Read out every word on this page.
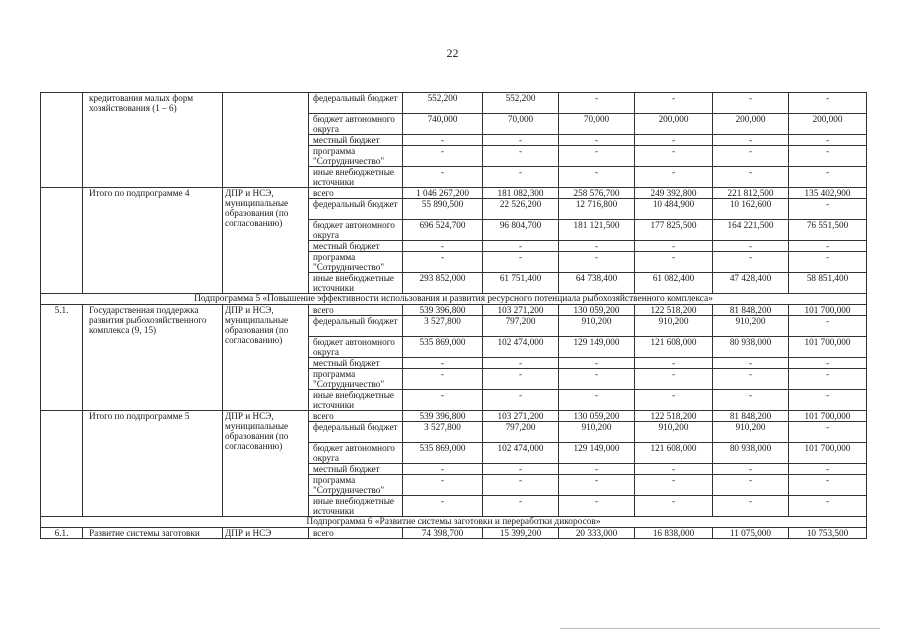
22
	кредитования малых форм хозяйствования (1 – 6)		федеральный бюджет	552,200	552,200	-	-	-	-
			бюджет автономного округа	740,000	70,000	70,000	200,000	200,000	200,000
			местный бюджет	-	-	-	-	-	-
			программа "Сотрудничество"	-	-	-	-	-	-
			иные внебюджетные источники	-	-	-	-	-	-
	Итого по подпрограмме 4	ДПР и НСЭ, муниципальные образования (по согласованию)	всего	1 046 267,200	181 082,300	258 576,700	249 392,800	221 812,500	135 402,900
			федеральный бюджет	55 890,500	22 526,200	12 716,800	10 484,900	10 162,600	-
			бюджет автономного округа	696 524,700	96 804,700	181 121,500	177 825,500	164 221,500	76 551,500
			местный бюджет	-	-	-	-	-	-
			программа "Сотрудничество"	-	-	-	-	-	-
			иные внебюджетные источники	293 852,000	61 751,400	64 738,400	61 082,400	47 428,400	58 851,400
Подпрограмма 5 «Повышение эффективности использования и развития ресурсного потенциала рыбохозяйственного комплекса»									
5.1.	Государственная поддержка развития рыбохозяйственного комплекса (9, 15)	ДПР и НСЭ, муниципальные образования (по согласованию)	всего	539 396,800	103 271,200	130 059,200	122 518,200	81 848,200	101 700,000
			федеральный бюджет	3 527,800	797,200	910,200	910,200	910,200	-
			бюджет автономного округа	535 869,000	102 474,000	129 149,000	121 608,000	80 938,000	101 700,000
			местный бюджет	-	-	-	-	-	-
			программа "Сотрудничество"	-	-	-	-	-	-
			иные внебюджетные источники	-	-	-	-	-	-
	Итого по подпрограмме 5	ДПР и НСЭ, муниципальные образования (по согласованию)	всего	539 396,800	103 271,200	130 059,200	122 518,200	81 848,200	101 700,000
			федеральный бюджет	3 527,800	797,200	910,200	910,200	910,200	-
			бюджет автономного округа	535 869,000	102 474,000	129 149,000	121 608,000	80 938,000	101 700,000
			местный бюджет	-	-	-	-	-	-
			программа "Сотрудничество"	-	-	-	-	-	-
			иные внебюджетные источники	-	-	-	-	-	-
Подпрограмма 6 «Развитие системы заготовки и переработки дикоросов»									
6.1.	Развитие системы заготовки	ДПР и НСЭ	всего	74 398,700	15 399,200	20 333,000	16 838,000	11 075,000	10 753,500
